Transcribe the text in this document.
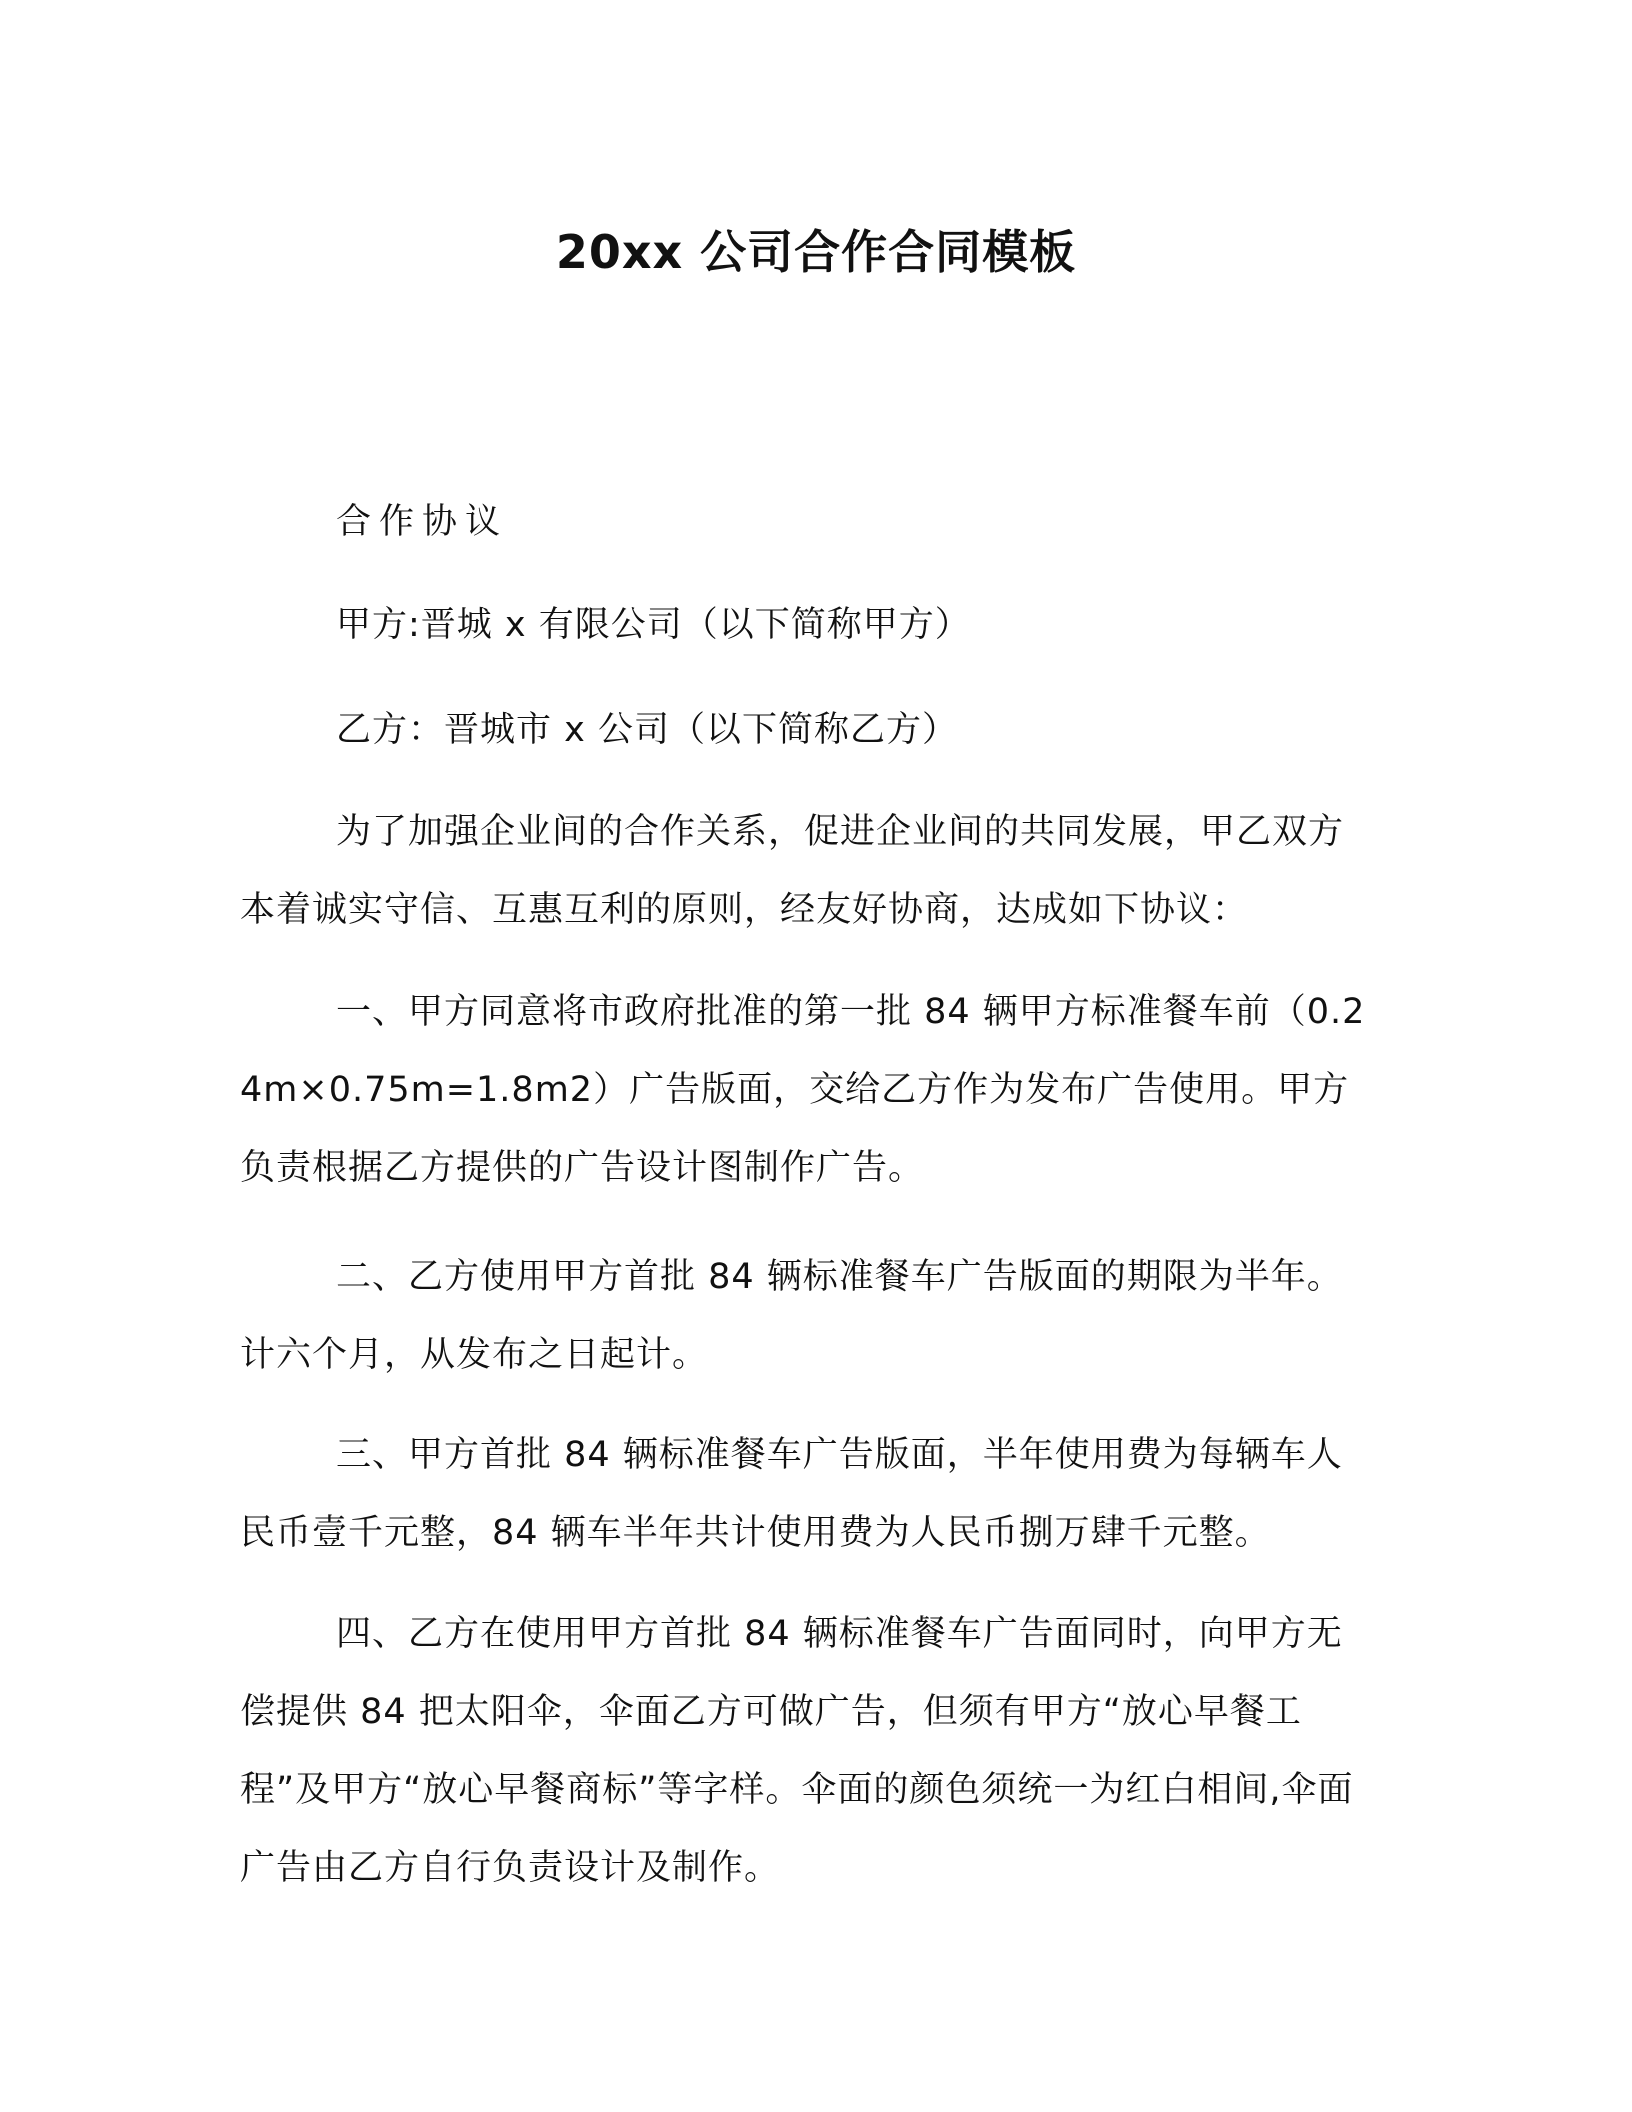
20xx 公司合作合同模板
合作协议
甲方:晋城 x 有限公司（以下简称甲方）
乙方：晋城市 x 公司（以下简称乙方）
为了加强企业间的合作关系，促进企业间的共同发展，甲乙双方本着诚实守信、互惠互利的原则，经友好协商，达成如下协议：
一、甲方同意将市政府批准的第一批 84 辆甲方标准餐车前（0.24m×0.75m=1.8m2）广告版面，交给乙方作为发布广告使用。甲方负责根据乙方提供的广告设计图制作广告。
二、乙方使用甲方首批 84 辆标准餐车广告版面的期限为半年。计六个月，从发布之日起计。
三、甲方首批 84 辆标准餐车广告版面，半年使用费为每辆车人民币壹千元整，84 辆车半年共计使用费为人民币捌万肆千元整。
四、乙方在使用甲方首批 84 辆标准餐车广告面同时，向甲方无偿提供 84 把太阳伞，伞面乙方可做广告，但须有甲方“放心早餐工程”及甲方“放心早餐商标”等字样。伞面的颜色须统一为红白相间,伞面广告由乙方自行负责设计及制作。
